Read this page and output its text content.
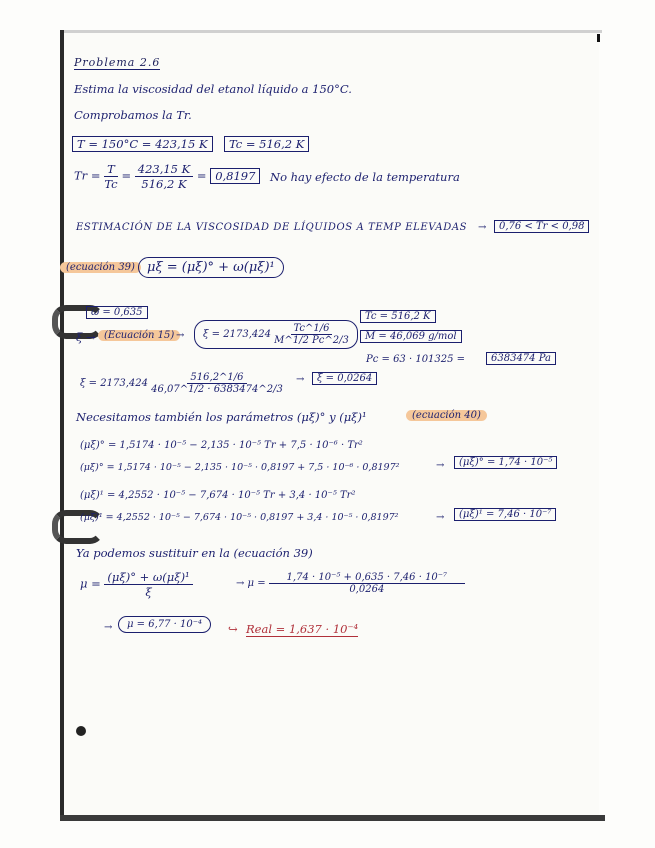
Problema 2.6
Estima la viscosidad del etanol líquido a 150°C.
Comprobamos la Tr.
T = 150°C = 423,15 K	Tc = 516,2 K
$Tr = \frac{T}{Tc} = \frac{423,15 K}{516,2 K} = 0,8197$	No hay efecto de la temperatura
ESTIMACIÓN DE LA VISCOSIDAD DE LÍQUIDOS A TEMP ELEVADAS →	0,76 < Tr < 0,98
(ecuación 39) μξ = (μξ)° + ω(μξ)¹
ω = 0,635
ξ → (Ecuación 15) →	$\xi = 2173,424 \frac{Tc\^{}1/6}{M\^{}1/2 Pc\^{}2/3}$
Tc = 516,2 K
M = 46,069 g/mol
Pc = 63 · 101325 =	6383474 Pa
$\xi = 2173,424 \frac{516,2\^{}1/6}{46,07\^{}1/2 \cdot 6383474\^{}2/3}$ →	ξ = 0,0264
Necesitamos también los parámetros (μξ)° y (μξ)¹	(ecuación 40)
(μξ)° = 1,5174 · 10⁻⁵ − 2,135 · 10⁻⁵ Tr + 7,5 · 10⁻⁶ · Tr²
(μξ)° = 1,5174 · 10⁻⁵ − 2,135 · 10⁻⁵ · 0,8197 + 7,5 · 10⁻⁶ · 0,8197²	→	(μξ)° = 1,74 · 10⁻⁵
(μξ)¹ = 4,2552 · 10⁻⁵ − 7,674 · 10⁻⁵ Tr + 3,4 · 10⁻⁵ Tr²
(μξ)¹ = 4,2552 · 10⁻⁵ − 7,674 · 10⁻⁵ · 0,8197 + 3,4 · 10⁻⁵ · 0,8197²	→	(μξ)¹ = 7,46 · 10⁻⁷
Ya podemos sustituir en la (ecuación 39)
$\mu = \frac{\text{(μξ)° + ω(μξ)¹}}{\xi}$	→ $\mu = \frac{\text{1,74 · 10⁻⁵ + 0,635 · 7,46 · 10⁻⁷}}{0,0264}$
→	μ = 6,77 · 10⁻⁴	↪ Real = 1,637 · 10⁻⁴
